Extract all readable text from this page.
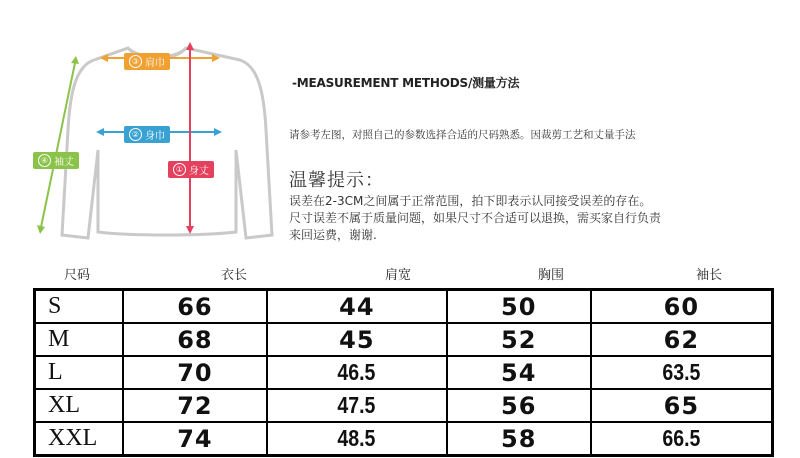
③ 肩巾
② 身巾
④ 袖丈
① 身丈
-MEASUREMENT METHODS/测量方法
请参考左图，对照自己的参数选择合适的尺码熟悉。因裁剪工艺和丈量手法
温馨提示：
误差在2-3CM之间属于正常范围，拍下即表示认同接受误差的存在。
尺寸误差不属于质量问题，如果尺寸不合适可以退换，需买家自行负责
来回运费，谢谢.
尺码	衣长	肩宽	胸围	袖长
S	66	44	50	60
M	68	45	52	62
L	70	46.5	54	63.5
XL	72	47.5	56	65
XXL	74	48.5	58	66.5
